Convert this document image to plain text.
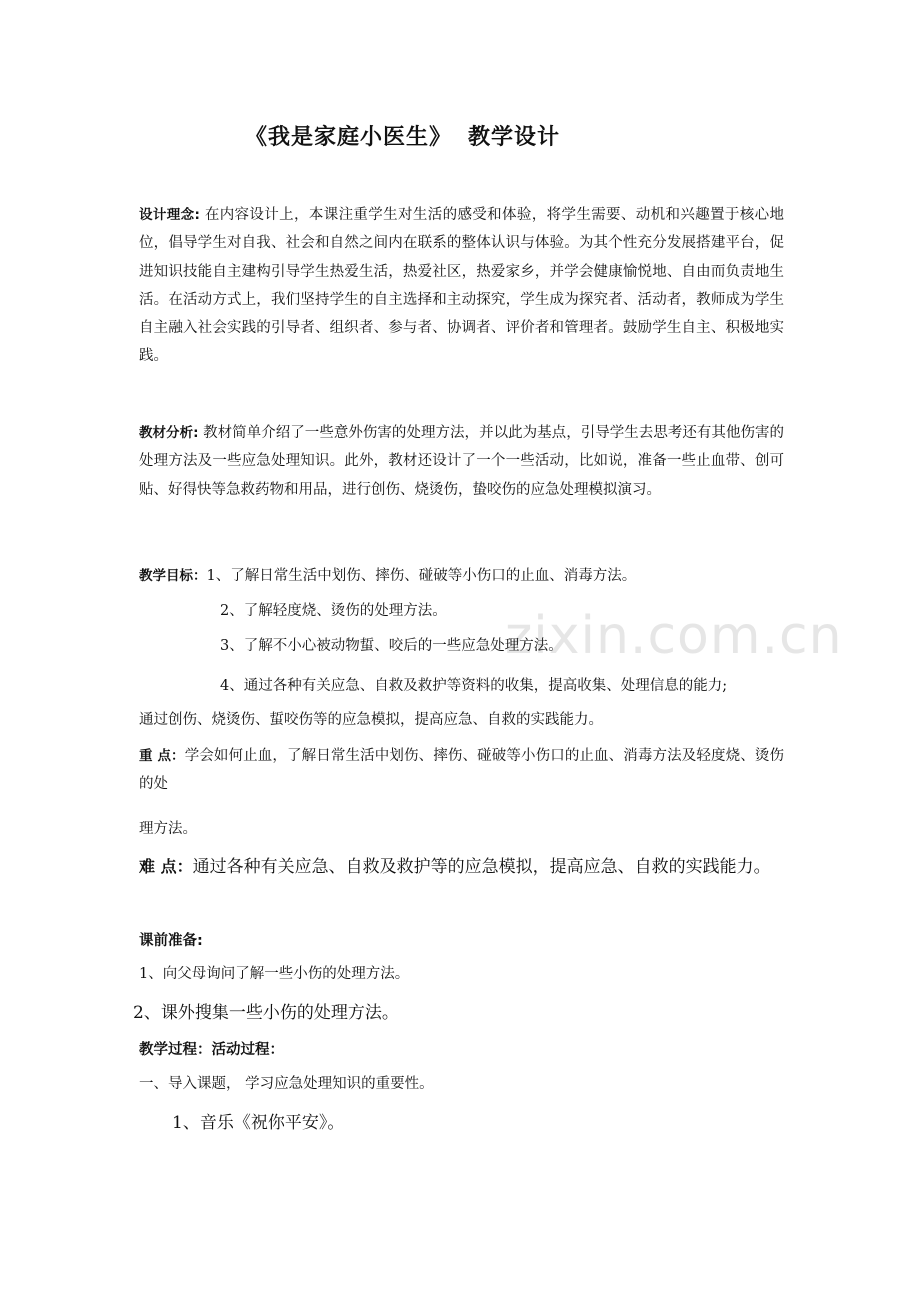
zixin.com.cn
《我是家庭小医生》 教学设计
设计理念: 在内容设计上，本课注重学生对生活的感受和体验，将学生需要、动机和兴趣置于核心地位，倡导学生对自我、社会和自然之间内在联系的整体认识与体验。为其个性充分发展搭建平台，促进知识技能自主建构引导学生热爱生活，热爱社区，热爱家乡，并学会健康愉悦地、自由而负责地生活。在活动方式上，我们坚持学生的自主选择和主动探究，学生成为探究者、活动者，教师成为学生自主融入社会实践的引导者、组织者、参与者、协调者、评价者和管理者。鼓励学生自主、积极地实践。
教材分析: 教材简单介绍了一些意外伤害的处理方法，并以此为基点，引导学生去思考还有其他伤害的处理方法及一些应急处理知识。此外，教材还设计了一个一些活动，比如说，准备一些止血带、创可贴、好得快等急救药物和用品，进行创伤、烧烫伤，蛰咬伤的应急处理模拟演习。
教学目标：1、了解日常生活中划伤、摔伤、碰破等小伤口的止血、消毒方法。
2、了解轻度烧、烫伤的处理方法。
3、了解不小心被动物蜇、咬后的一些应急处理方法。
4、通过各种有关应急、自救及救护等资料的收集，提高收集、处理信息的能力;
通过创伤、烧烫伤、蜇咬伤等的应急模拟，提高应急、自救的实践能力。
重 点：学会如何止血，了解日常生活中划伤、摔伤、碰破等小伤口的止血、消毒方法及轻度烧、烫伤的处
理方法。
难 点：通过各种有关应急、自救及救护等的应急模拟，提高应急、自救的实践能力。
课前准备:
1、向父母询问了解一些小伤的处理方法。
2、课外搜集一些小伤的处理方法。
教学过程：活动过程：
一、导入课题， 学习应急处理知识的重要性。
1、音乐《祝你平安》。
